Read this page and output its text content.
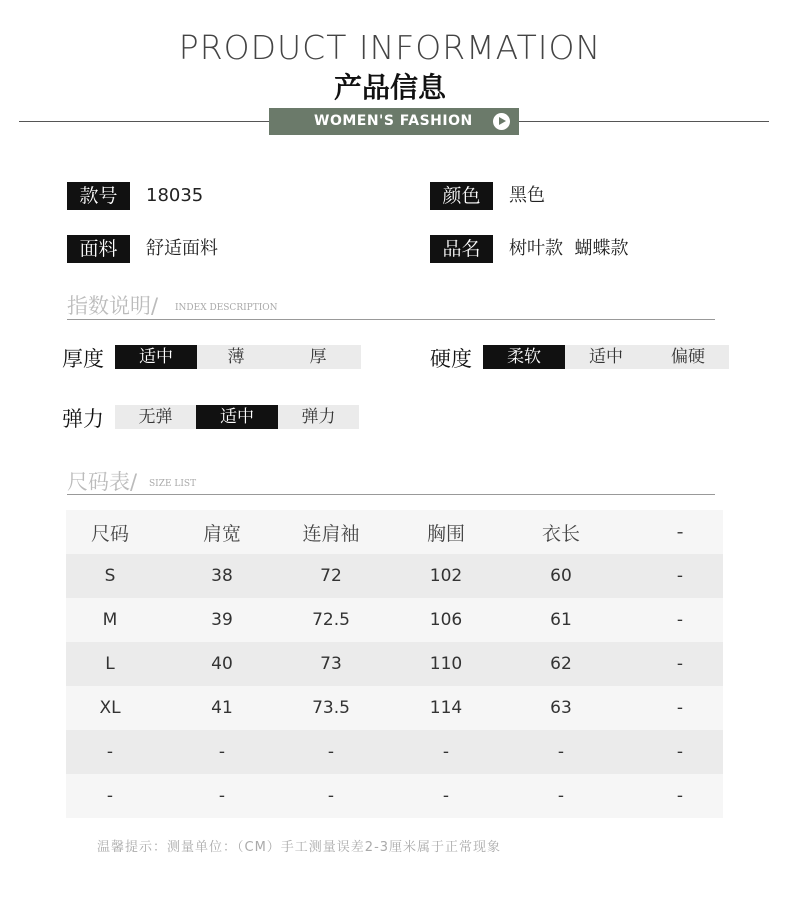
PRODUCT INFORMATION
产品信息
WOMEN'S FASHION
款号	18035	颜色	黑色
面料	舒适面料	品名	树叶款  蝴蝶款
指数说明/ INDEX DESCRIPTION
厚度	适中	薄	厚	硬度	柔软	适中	偏硬
弹力	无弹	适中	弹力
尺码表/ SIZE LIST
尺码	肩宽	连肩袖	胸围	衣长	-
S	38	72	102	60	-
M	39	72.5	106	61	-
L	40	73	110	62	-
XL	41	73.5	114	63	-
-	-	-	-	-	-
-	-	-	-	-	-
温馨提示：测量单位：（CM）手工测量误差2-3厘米属于正常现象
